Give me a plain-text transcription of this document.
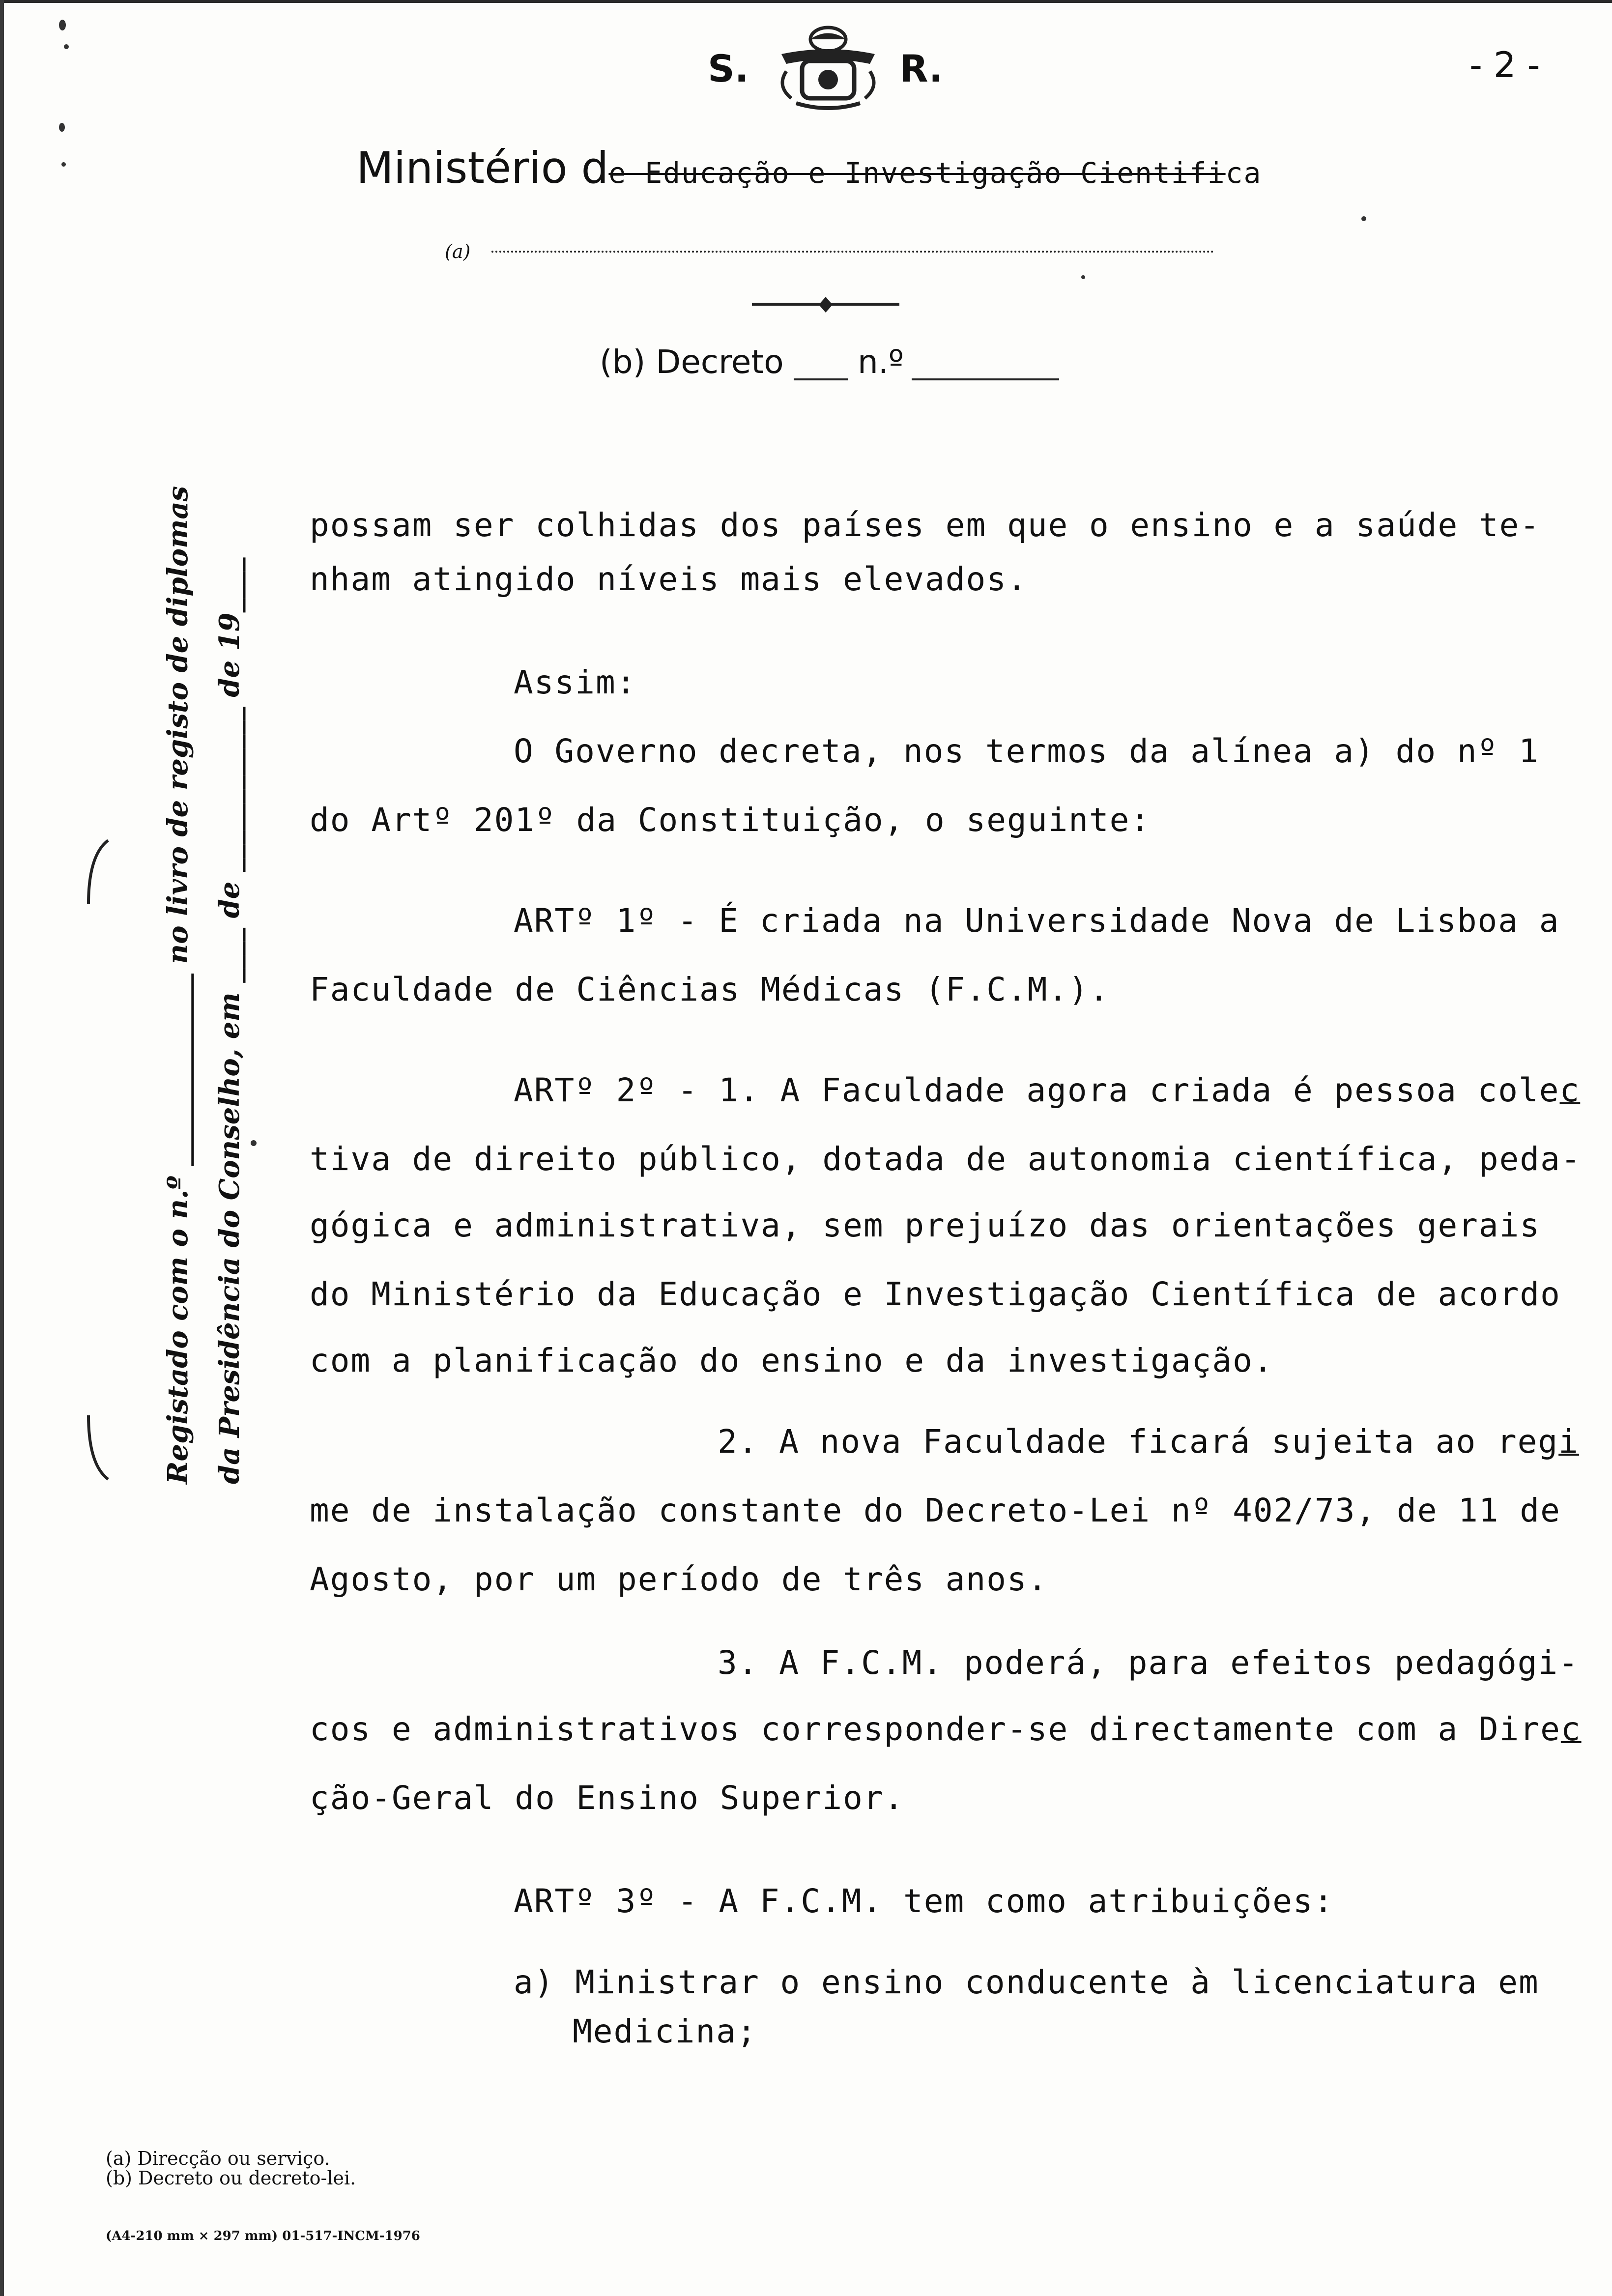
S.	R.	- 2 -
Ministério de Educação e Investigação Cientifica
(a)
(b) Decreto n.º
Registado com o n.º ______________ no livro de registo de diplomas da Presidência do Conselho, em ____ de ____________ de 19____
possam ser colhidas dos países em que o ensino e a saúde te-
nham atingido níveis mais elevados.
Assim:
O Governo decreta, nos termos da alínea a) do nº 1
do Artº 201º da Constituição, o seguinte:
ARTº 1º - É criada na Universidade Nova de Lisboa a
Faculdade de Ciências Médicas (F.C.M.).
ARTº 2º - 1. A Faculdade agora criada é pessoa colec
tiva de direito público, dotada de autonomia científica, peda-
gógica e administrativa, sem prejuízo das orientações gerais
do Ministério da Educação e Investigação Científica de acordo
com a planificação do ensino e da investigação.
2. A nova Faculdade ficará sujeita ao regi
me de instalação constante do Decreto-Lei nº 402/73, de 11 de
Agosto, por um período de três anos.
3. A F.C.M. poderá, para efeitos pedagógi-
cos e administrativos corresponder-se directamente com a Direc
ção-Geral do Ensino Superior.
ARTº 3º - A F.C.M. tem como atribuições:
a) Ministrar o ensino conducente à licenciatura em
Medicina;
(a) Direcção ou serviço.
(b) Decreto ou decreto-lei.
(A4-210 mm × 297 mm) 01-517-INCM-1976
